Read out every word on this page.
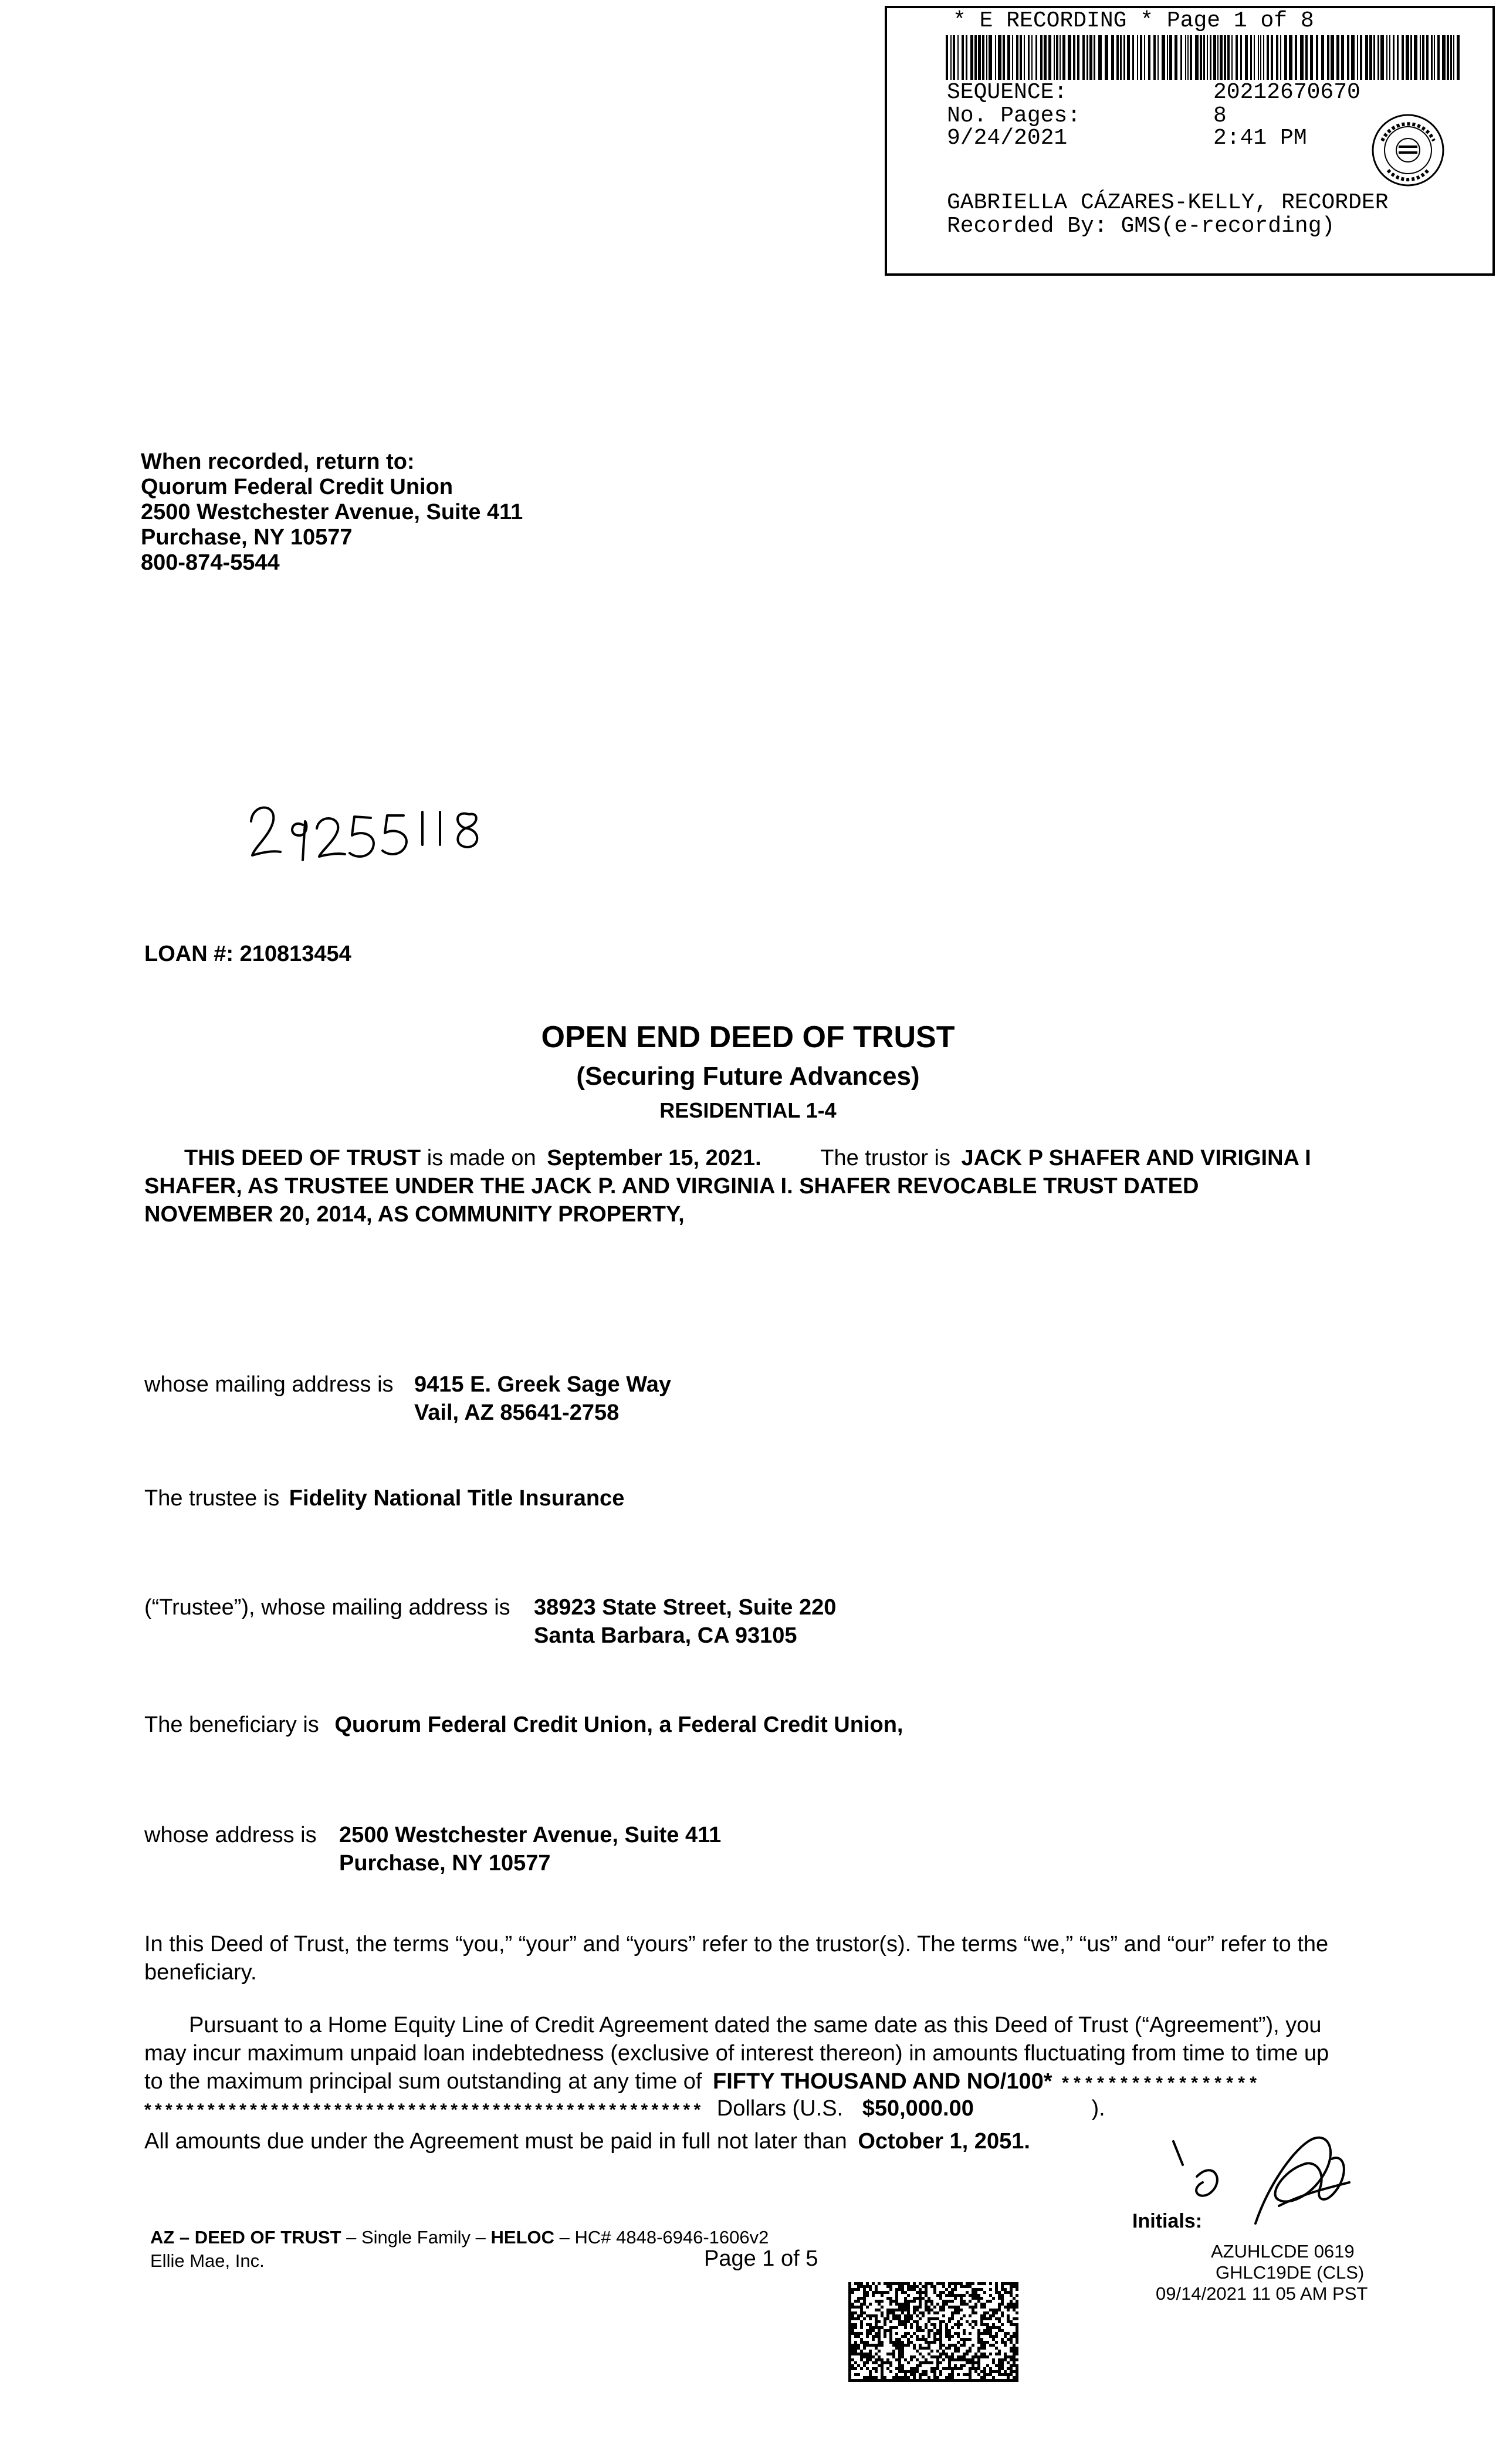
* E RECORDING * Page 1 of 8
SEQUENCE:	20212670670
No. Pages:	8
9/24/2021	2:41 PM
GABRIELLA CÁZARES-KELLY, RECORDER
Recorded By: GMS(e-recording)
When recorded, return to:
Quorum Federal Credit Union
2500 Westchester Avenue, Suite 411
Purchase, NY 10577
800-874-5544
LOAN #: 210813454
OPEN END DEED OF TRUST
(Securing Future Advances)
RESIDENTIAL 1-4
THIS DEED OF TRUST is made on September 15, 2021.	The trustor is JACK P SHAFER AND VIRIGINA I
SHAFER, AS TRUSTEE UNDER THE JACK P. AND VIRGINIA I. SHAFER REVOCABLE TRUST DATED
NOVEMBER 20, 2014, AS COMMUNITY PROPERTY,
whose mailing address is 9415 E. Greek Sage Way
Vail, AZ 85641-2758
The trustee is Fidelity National Title Insurance
(“Trustee”), whose mailing address is 38923 State Street, Suite 220
Santa Barbara, CA 93105
The beneficiary is Quorum Federal Credit Union, a Federal Credit Union,
whose address is 2500 Westchester Avenue, Suite 411
Purchase, NY 10577
In this Deed of Trust, the terms “you,” “your” and “yours” refer to the trustor(s). The terms “we,” “us” and “our” refer to the
beneficiary.
Pursuant to a Home Equity Line of Credit Agreement dated the same date as this Deed of Trust (“Agreement”), you
may incur maximum unpaid loan indebtedness (exclusive of interest thereon) in amounts fluctuating from time to time up
to the maximum principal sum outstanding at any time of FIFTY THOUSAND AND NO/100* * * * * * * * * * * * * * * * * *
* * * * * * * * * * * * * * * * * * * * * * * * * * * * * * * * * * * * * * * * * * * * * * * * * * * * * Dollars (U.S. $50,000.00	).
All amounts due under the Agreement must be paid in full not later than October 1, 2051.
AZ – DEED OF TRUST – Single Family – HELOC – HC# 4848-6946-1606v2
Ellie Mae, Inc.	Page 1 of 5
Initials:
AZUHLCDE 0619
GHLC19DE (CLS)
09/14/2021 11 05 AM PST
